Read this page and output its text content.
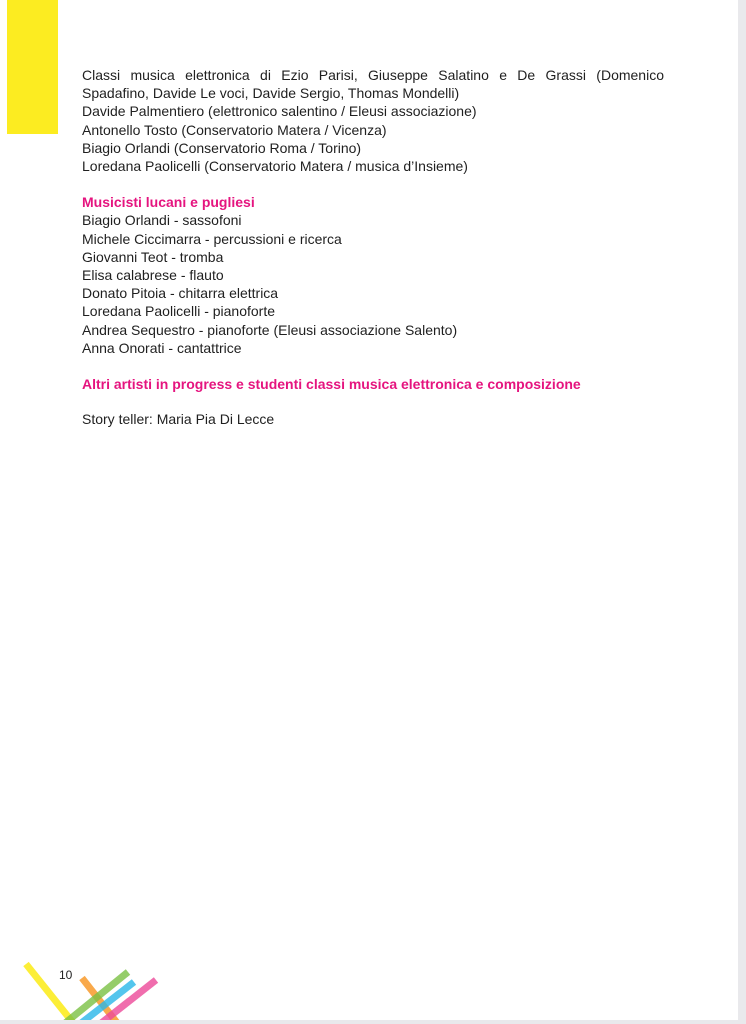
Classi musica elettronica di Ezio Parisi, Giuseppe Salatino e De Grassi (Domenico Spadafino, Davide Le voci, Davide Sergio, Thomas Mondelli)

Davide Palmentiero (elettronico salentino / Eleusi associazione)
Antonello Tosto (Conservatorio Matera / Vicenza)
Biagio Orlandi (Conservatorio Roma / Torino)
Loredana Paolicelli (Conservatorio Matera / musica d’Insieme)
Musicisti lucani e pugliesi
Biagio Orlandi - sassofoni
Michele Ciccimarra - percussioni e ricerca
Giovanni Teot - tromba
Elisa calabrese - flauto
Donato Pitoia - chitarra elettrica
Loredana Paolicelli - pianoforte
Andrea Sequestro - pianoforte (Eleusi associazione Salento)
Anna Onorati - cantattrice
Altri artisti in progress e studenti classi musica elettronica e composizione
Story teller: Maria Pia Di Lecce
10
